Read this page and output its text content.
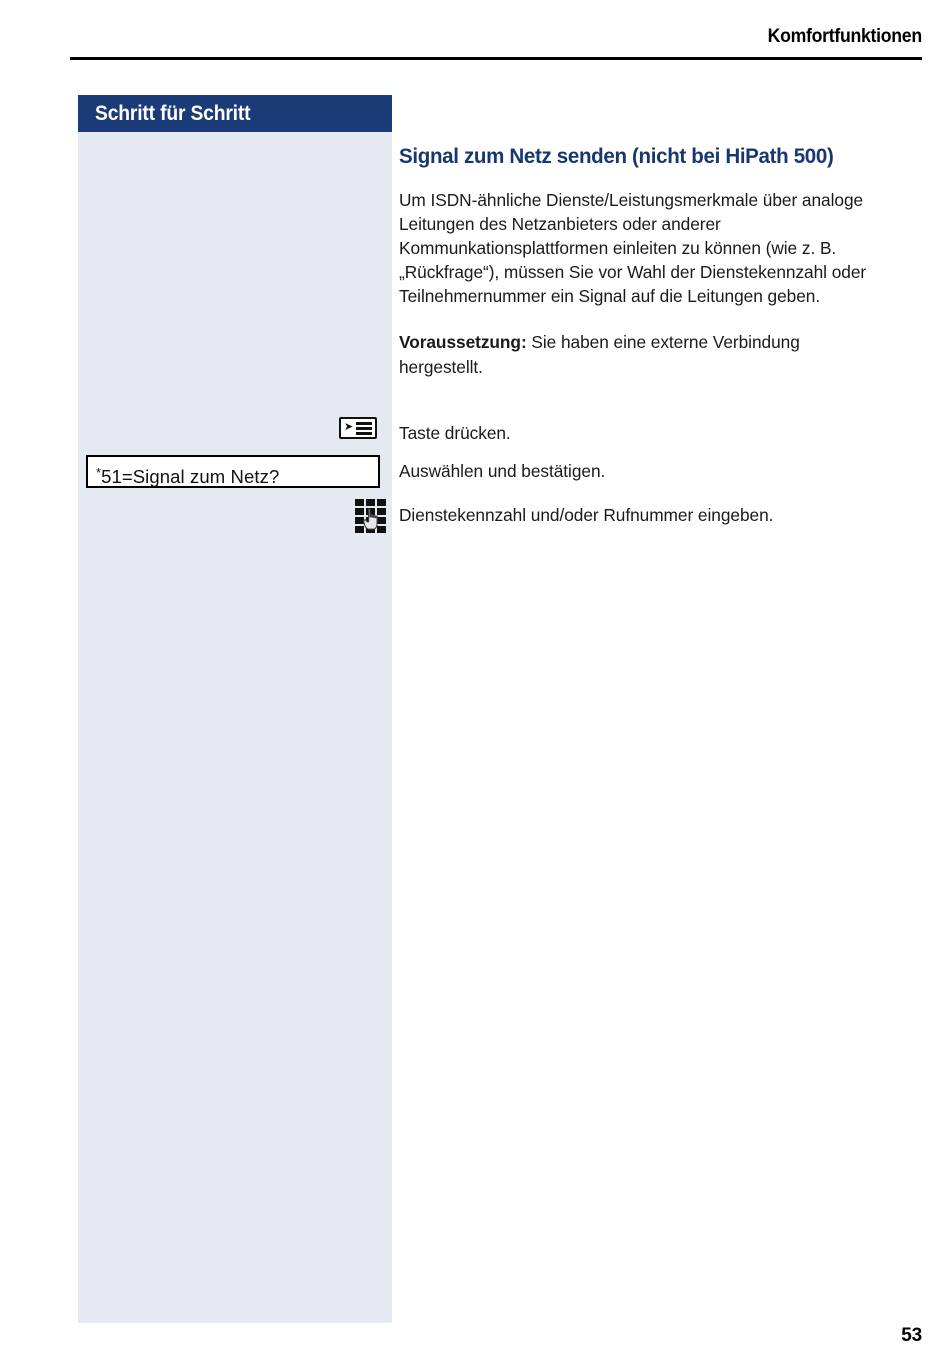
Komfortfunktionen
Schritt für Schritt
Signal zum Netz senden (nicht bei HiPath 500)

Um ISDN-ähnliche Dienste/Leistungsmerkmale über analoge Leitungen des Netzanbieters oder anderer Kommunkationsplattformen einleiten zu können (wie z. B. „Rückfrage“), müssen Sie vor Wahl der Dienstekennzahl oder Teilnehmernummer ein Signal auf die Leitungen geben.

Voraussetzung: Sie haben eine externe Verbindung hergestellt.

➤	Taste drücken.
*51=Signal zum Netz?	Auswählen und bestätigen.
Dienstekennzahl und/oder Rufnummer eingeben.
53
